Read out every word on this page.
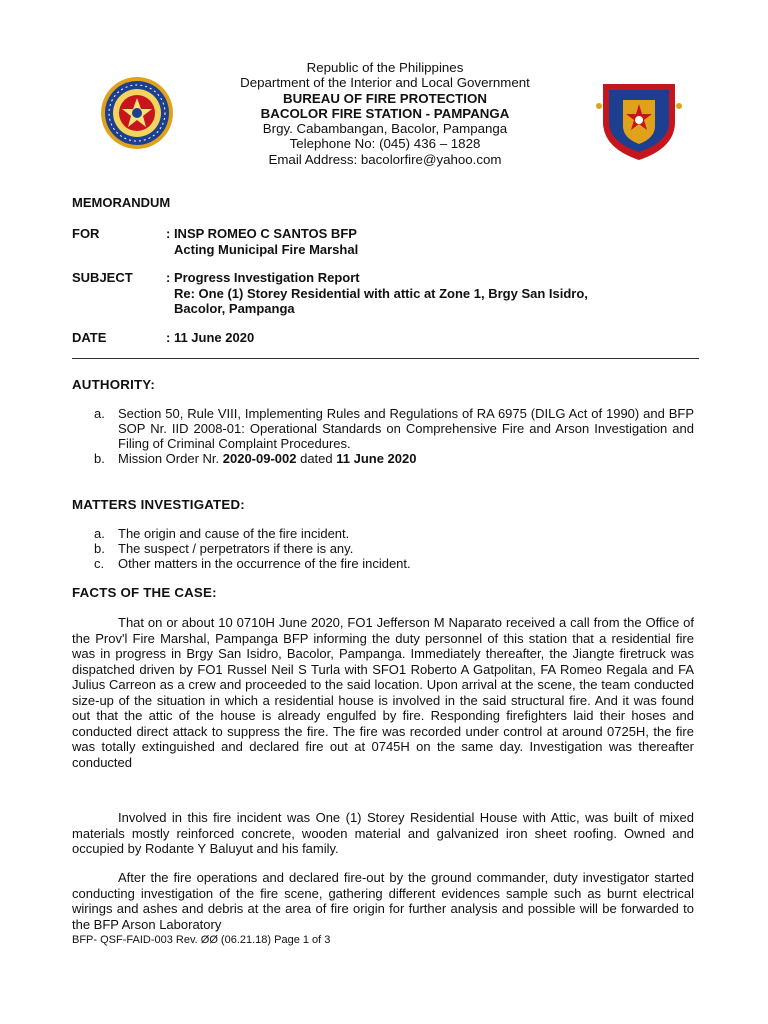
Republic of the Philippines
Department of the Interior and Local Government
BUREAU OF FIRE PROTECTION
BACOLOR FIRE STATION - PAMPANGA
Brgy. Cabambangan, Bacolor, Pampanga
Telephone No: (045) 436 – 1828
Email Address: bacolorfire@yahoo.com
MEMORANDUM
FOR	: INSP ROMEO C SANTOS BFP
Acting Municipal Fire Marshal
SUBJECT	: Progress Investigation Report
Re: One (1) Storey Residential with attic at Zone 1, Brgy San Isidro,
Bacolor, Pampanga
DATE	: 11 June 2020
AUTHORITY:
a. Section 50, Rule VIII, Implementing Rules and Regulations of RA 6975 (DILG Act of 1990) and BFP SOP Nr. IID 2008-01: Operational Standards on Comprehensive Fire and Arson Investigation and Filing of Criminal Complaint Procedures.
b. Mission Order Nr. 2020-09-002 dated 11 June 2020
MATTERS INVESTIGATED:
a. The origin and cause of the fire incident.
b. The suspect / perpetrators if there is any.
c. Other matters in the occurrence of the fire incident.
FACTS OF THE CASE:
That on or about 10 0710H June 2020, FO1 Jefferson M Naparato received a call from the Office of the Prov'l Fire Marshal, Pampanga BFP informing the duty personnel of this station that a residential fire was in progress in Brgy San Isidro, Bacolor, Pampanga. Immediately thereafter, the Jiangte firetruck was dispatched driven by FO1 Russel Neil S Turla with SFO1 Roberto A Gatpolitan, FA Romeo Regala and FA Julius Carreon as a crew and proceeded to the said location. Upon arrival at the scene, the team conducted size-up of the situation in which a residential house is involved in the said structural fire. And it was found out that the attic of the house is already engulfed by fire. Responding firefighters laid their hoses and conducted direct attack to suppress the fire. The fire was recorded under control at around 0725H, the fire was totally extinguished and declared fire out at 0745H on the same day. Investigation was thereafter conducted
Involved in this fire incident was One (1) Storey Residential House with Attic, was built of mixed materials mostly reinforced concrete, wooden material and galvanized iron sheet roofing. Owned and occupied by Rodante Y Baluyut and his family.
After the fire operations and declared fire-out by the ground commander, duty investigator started conducting investigation of the fire scene, gathering different evidences sample such as burnt electrical wirings and ashes and debris at the area of fire origin for further analysis and possible will be forwarded to the BFP Arson Laboratory
BFP- QSF-FAID-003 Rev. ØØ (06.21.18) Page 1 of 3
